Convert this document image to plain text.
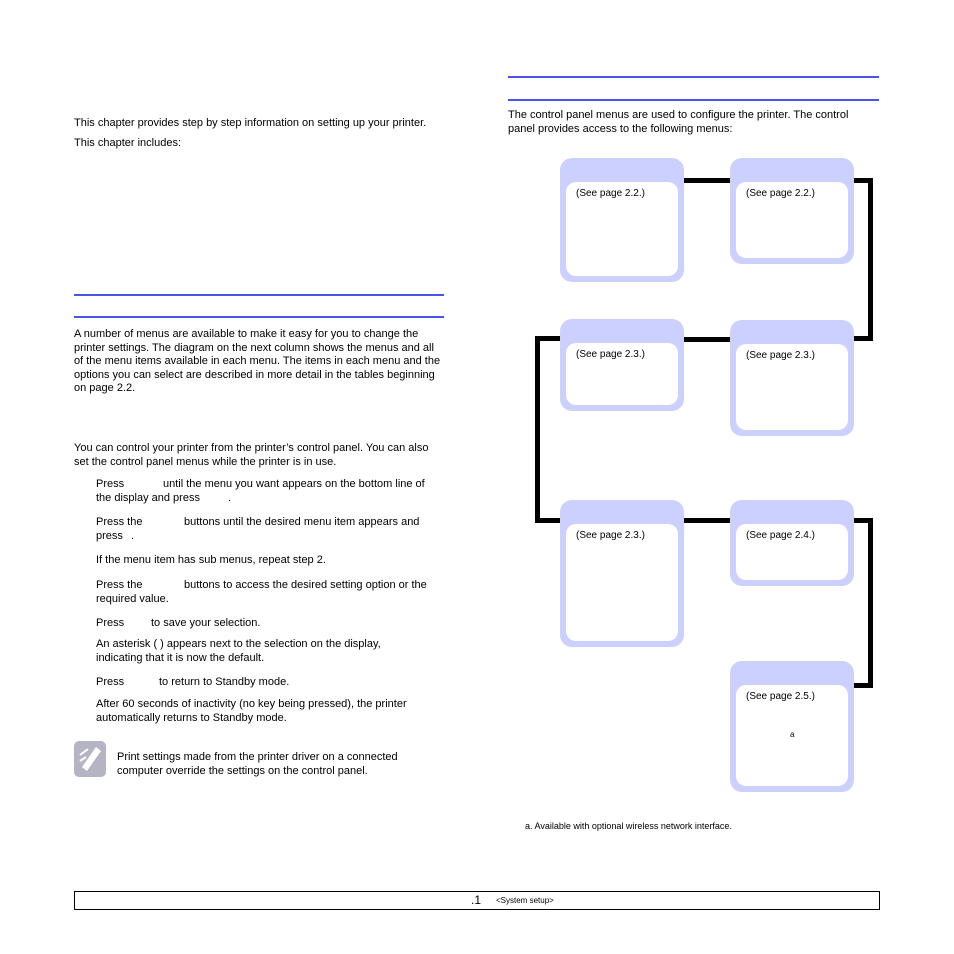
This chapter provides step by step information on setting up your printer.
This chapter includes:
A number of menus are available to make it easy for you to change the printer settings. The diagram on the next column shows the menus and all of the menu items available in each menu. The items in each menu and the options you can select are described in more detail in the tables beginning on page 2.2.
You can control your printer from the printer’s control panel. You can also set the control panel menus while the printer is in use.
Press	until the menu you want appears on the bottom line of
the display and press	.
Press the	buttons until the desired menu item appears and
press .
If the menu item has sub menus, repeat step 2.
Press the	buttons to access the desired setting option or the
required value.
Press to save your selection.
An asterisk ( ) appears next to the selection on the display,
indicating that it is now the default.
Press	to return to Standby mode.
After 60 seconds of inactivity (no key being pressed), the printer
automatically returns to Standby mode.
Print settings made from the printer driver on a connected
computer override the settings on the control panel.
The control panel menus are used to configure the printer. The control
panel provides access to the following menus:
(See page 2.2.)	(See page 2.2.)
(See page 2.3.)	(See page 2.3.)
(See page 2.3.)	(See page 2.4.)
(See page 2.5.)
a
a. Available with optional wireless network interface.
.1 <System setup>
